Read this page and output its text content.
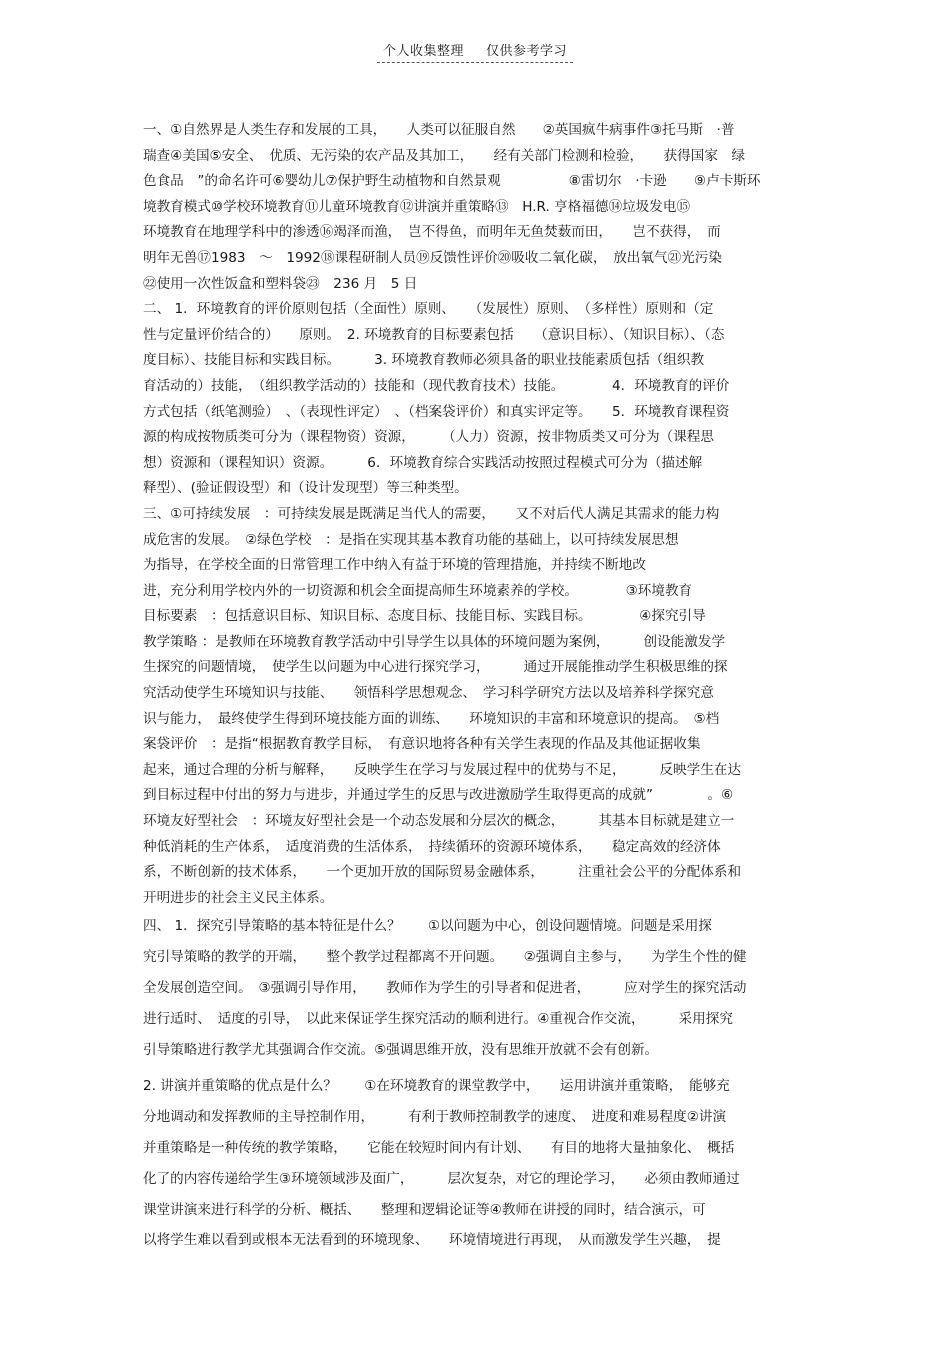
个人收集整理 仅供参考学习
一、①自然界是人类生存和发展的工具，　　人类可以征服自然　　②英国疯牛病事件③托马斯　·普
瑞查④美国⑤安全、　优质、无污染的农产品及其加工，　　经有关部门检测和检验，　　获得国家　绿
色食品　”的命名许可⑥婴幼儿⑦保护野生动植物和自然景观　　　　　⑧雷切尔　·卡逊　　⑨卢卡斯环
境教育模式⑩学校环境教育⑪儿童环境教育⑫讲演并重策略⑬　H.R. 亨格福德⑭垃圾发电⑮
环境教育在地理学科中的渗透⑯竭泽而渔，　岂不得鱼，而明年无鱼焚薮而田，　　岂不获得，　而
明年无兽⑰1983　～　1992⑱课程研制人员⑲反馈性评价⑳吸收二氧化碳，　放出氧气㉑光污染
㉒使用一次性饭盒和塑料袋㉓　236 月　5 日
二、 1．环境教育的评价原则包括（全面性）原则、　　（发展性）原则、　（多样性）原则和（定
性与定量评价结合的）　　原则。　2. 环境教育的目标要素包括　　（意识目标）、（知识目标）、（态
度目标）、技能目标和实践目标。　　　3. 环境教育教师必须具备的职业技能素质包括（组织教
育活动的）技能，　（组织教学活动的）技能和（现代教育技术）技能。　　　　4．环境教育的评价
方式包括（纸笔测验）　、（表现性评定）　、（档案袋评价）和真实评定等。　　5．环境教育课程资
源的构成按物质类可分为（课程物资）资源，　　　（人力）资源，按非物质类又可分为（课程思
想）资源和（课程知识）资源。　　　6．环境教育综合实践活动按照过程模式可分为（描述解
释型）、(验证假设型）和（设计发现型）等三种类型。
三、①可持续发展　：可持续发展是既满足当代人的需要，　　又不对后代人满足其需求的能力构
成危害的发展。　②绿色学校　：是指在实现其基本教育功能的基础上，以可持续发展思想
为指导，在学校全面的日常管理工作中纳入有益于环境的管理措施，并持续不断地改
进，充分利用学校内外的一切资源和机会全面提高师生环境素养的学校。　　　　③环境教育
目标要素　：包括意识目标、知识目标、态度目标、技能目标、实践目标。　　　　④探究引导
教学策略 ：是教师在环境教育教学活动中引导学生以具体的环境问题为案例，　　　创设能激发学
生探究的问题情境，　使学生以问题为中心进行探究学习，　　　通过开展能推动学生积极思维的探
究活动使学生环境知识与技能、　　领悟科学思想观念、　学习科学研究方法以及培养科学探究意
识与能力，　最终使学生得到环境技能方面的训练、　　环境知识的丰富和环境意识的提高。　⑤档
案袋评价　：是指“根据教育教学目标，　有意识地将各种有关学生表现的作品及其他证据收集
起来，通过合理的分析与解释，　　反映学生在学习与发展过程中的优势与不足，　　　反映学生在达
到目标过程中付出的努力与进步，并通过学生的反思与改进激励学生取得更高的成就”　　　　。⑥
环境友好型社会　：环境友好型社会是一个动态发展和分层次的概念，　　　其基本目标就是建立一
种低消耗的生产体系，　适度消费的生活体系，　持续循环的资源环境体系，　　稳定高效的经济体
系，不断创新的技术体系，　　一个更加开放的国际贸易金融体系，　　　注重社会公平的分配体系和
开明进步的社会主义民主体系。
四、 1．探究引导策略的基本特征是什么？　　①以问题为中心，创设问题情境。问题是采用探
究引导策略的教学的开端，　　整个教学过程都离不开问题。　　②强调自主参与，　　为学生个性的健
全发展创造空间。　③强调引导作用，　　教师作为学生的引导者和促进者，　　　应对学生的探究活动
进行适时、　适度的引导，　以此来保证学生探究活动的顺利进行。④重视合作交流，　　　采用探究
引导策略进行教学尤其强调合作交流。⑤强调思维开放，没有思维开放就不会有创新。
2. 讲演并重策略的优点是什么？　　①在环境教育的课堂教学中，　　运用讲演并重策略，　能够充
分地调动和发挥教师的主导控制作用，　　　有利于教师控制教学的速度、　进度和难易程度②讲演
并重策略是一种传统的教学策略，　　它能在较短时间内有计划、　　有目的地将大量抽象化、　概括
化了的内容传递给学生③环境领域涉及面广，　　　层次复杂，对它的理论学习，　　必须由教师通过
课堂讲演来进行科学的分析、概括、　　整理和逻辑论证等④教师在讲授的同时，结合演示，可
以将学生难以看到或根本无法看到的环境现象、　　环境情境进行再现，　从而激发学生兴趣，　提
